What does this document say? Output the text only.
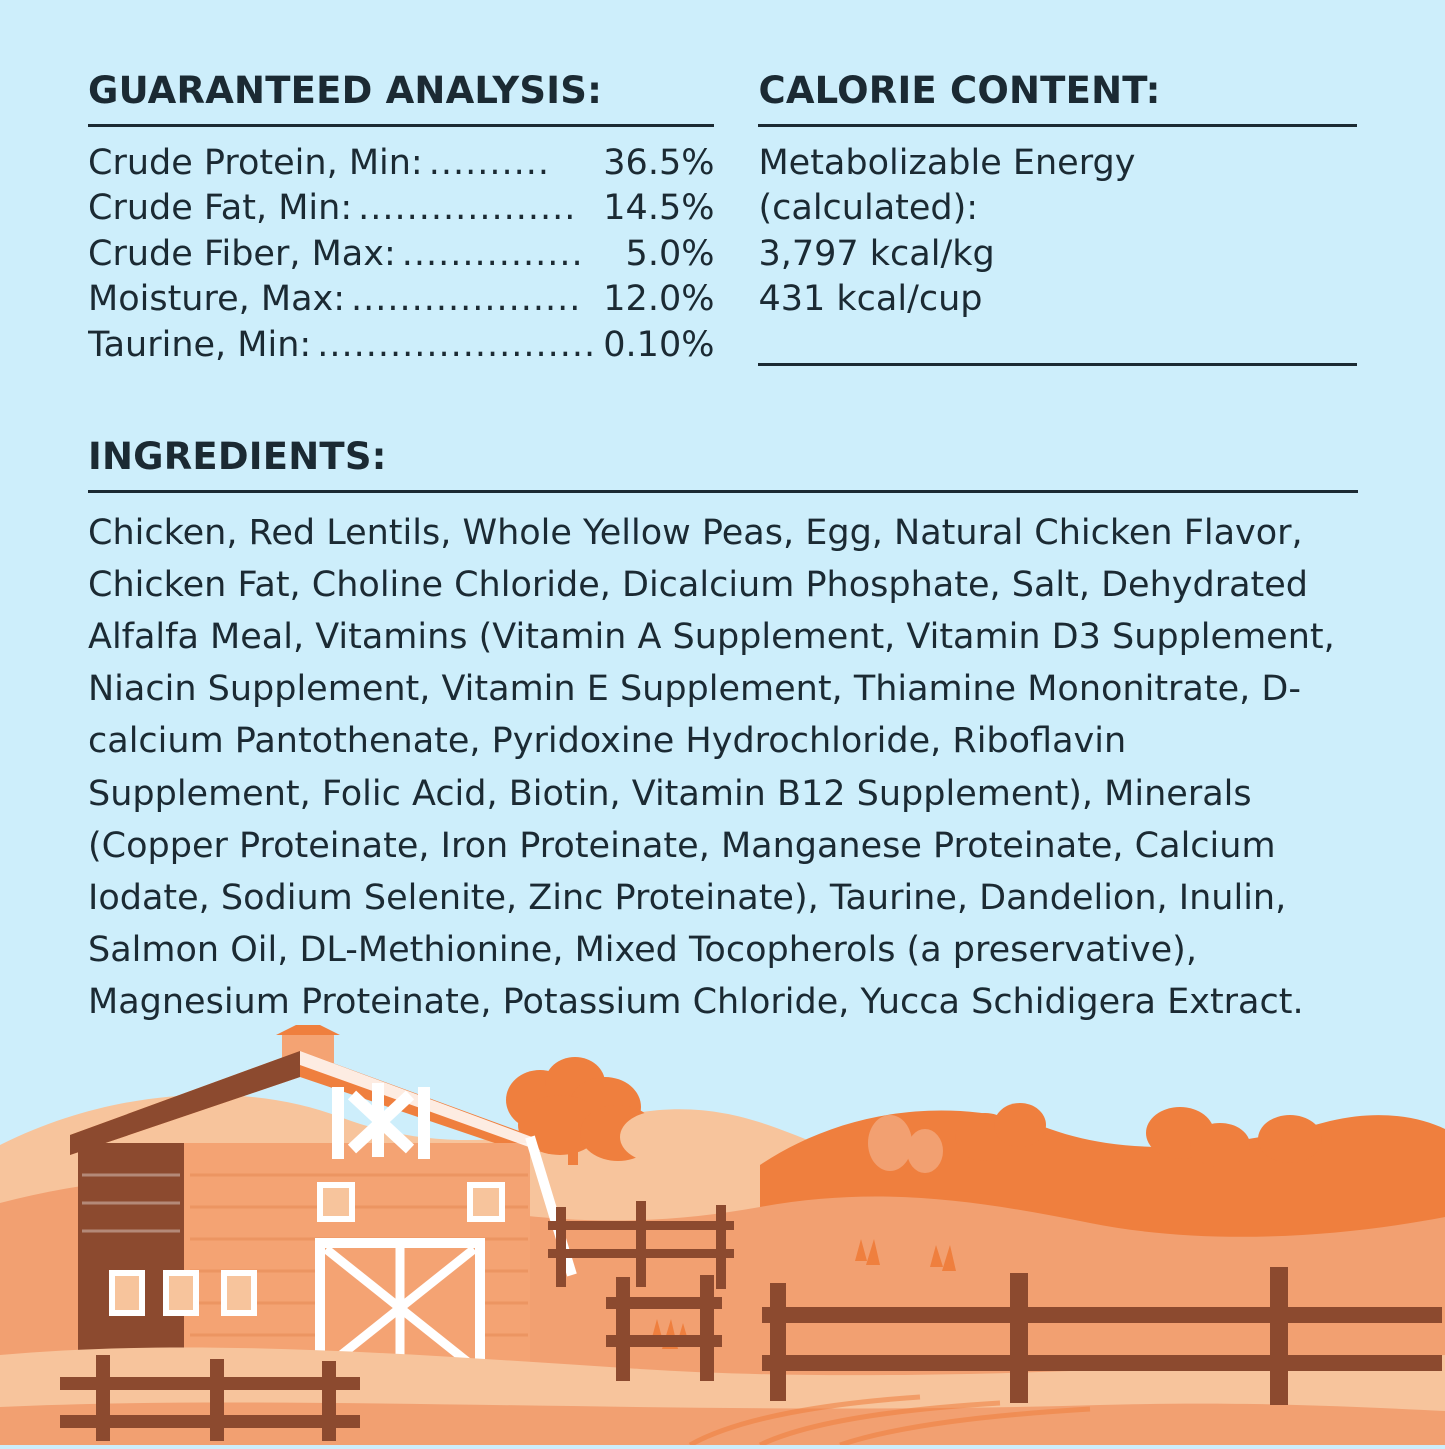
GUARANTEED ANALYSIS:
Crude Protein, Min: ..........	36.5%
Crude Fat, Min: .................. 14.5%
Crude Fiber, Max: ...............	5.0%
Moisture, Max: ................... 12.0%
Taurine, Min: ....................... 0.10%
CALORIE CONTENT:
Metabolizable Energy
(calculated):
3,797 kcal/kg
431 kcal/cup
INGREDIENTS:
Chicken, Red Lentils, Whole Yellow Peas, Egg, Natural Chicken Flavor, Chicken Fat, Choline Chloride, Dicalcium Phosphate, Salt, Dehydrated Alfalfa Meal, Vitamins (Vitamin A Supplement, Vitamin D3 Supplement, Niacin Supplement, Vitamin E Supplement, Thiamine Mononitrate, D-calcium Pantothenate, Pyridoxine Hydrochloride, Riboflavin Supplement, Folic Acid, Biotin, Vitamin B12 Supplement), Minerals (Copper Proteinate, Iron Proteinate, Manganese Proteinate, Calcium Iodate, Sodium Selenite, Zinc Proteinate), Taurine, Dandelion, Inulin, Salmon Oil, DL-Methionine, Mixed Tocopherols (a preservative), Magnesium Proteinate, Potassium Chloride, Yucca Schidigera Extract.
